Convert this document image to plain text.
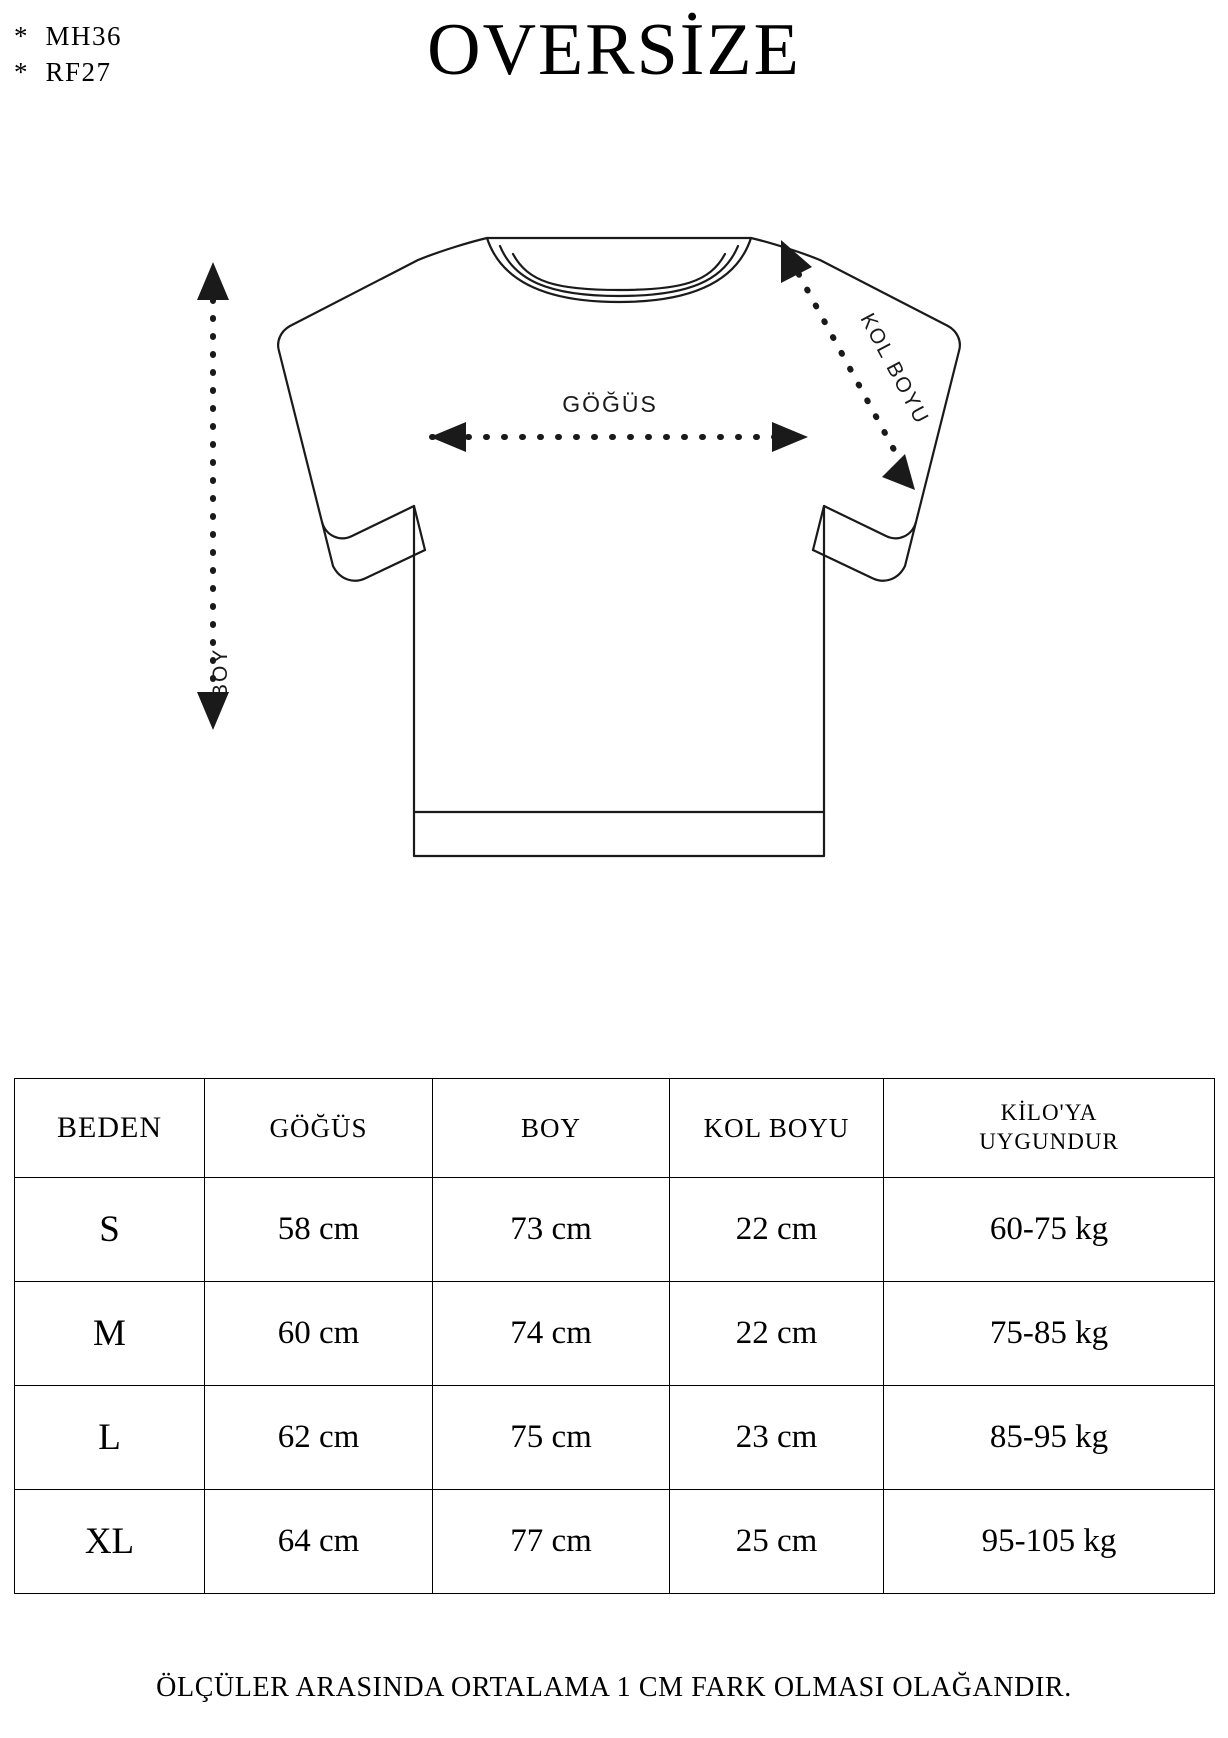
*  MH36
*  RF27	OVERSİZE
GÖĞÜS
BOY
KOL BOYU
BEDEN	GÖĞÜS	BOY	KOL BOYU	KİLO'YA
UYGUNDUR

S	58 cm	73 cm	22 cm	60-75 kg
M	60 cm	74 cm	22 cm	75-85 kg
L	62 cm	75 cm	23 cm	85-95 kg
XL	64 cm	77 cm	25 cm	95-105 kg
ÖLÇÜLER ARASINDA ORTALAMA 1 CM FARK OLMASI OLAĞANDIR.
